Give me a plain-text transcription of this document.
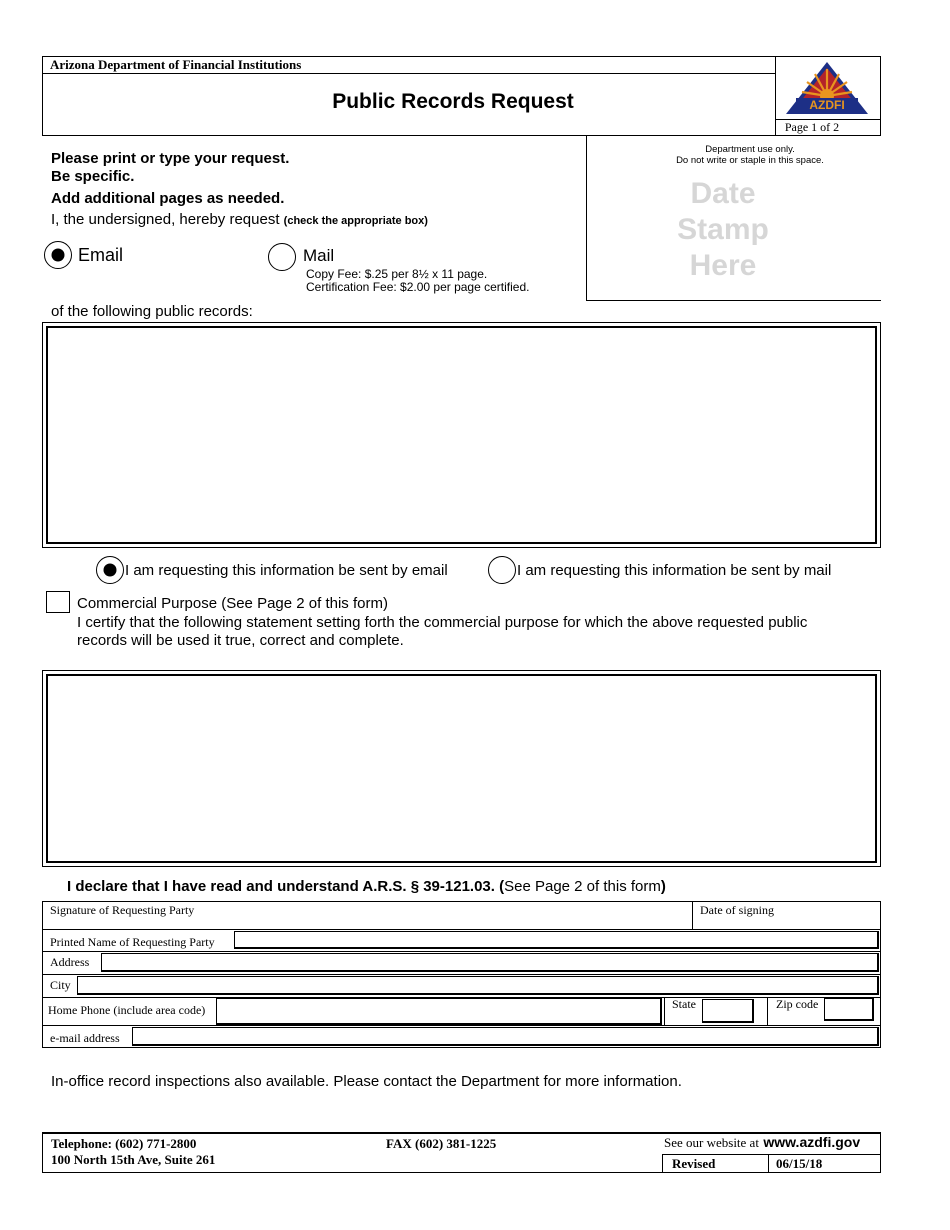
Arizona Department of Financial Institutions
Public Records Request
Page 1 of 2
AZDFI
Department use only.
Do not write or staple in this space.
Date
Stamp
Here
Please print or type your request.
Be specific.
Add additional pages as needed.
I, the undersigned, hereby request (check the appropriate box)
Email	Mail
Copy Fee: $.25 per 8½ x 11 page.
Certification Fee: $2.00 per page certified.
of the following public records:
I am requesting this information be sent by email	I am requesting this information be sent by mail
Commercial Purpose (See Page 2 of this form)
I certify that the following statement setting forth the commercial purpose for which the above requested public
records will be used it true, correct and complete.
I declare that I have read and understand A.R.S. § 39-121.03. (See Page 2 of this form)
Signature of Requesting Party	Date of signing
Printed Name of Requesting Party
Address
City
Home Phone (include area code)	State	Zip code
e-mail address
In-office record inspections also available. Please contact the Department for more information.
Telephone: (602) 771-2800
100 North 15th Ave, Suite 261
FAX (602) 381-1225	See our website at www.azdfi.gov
Revised	06/15/18
